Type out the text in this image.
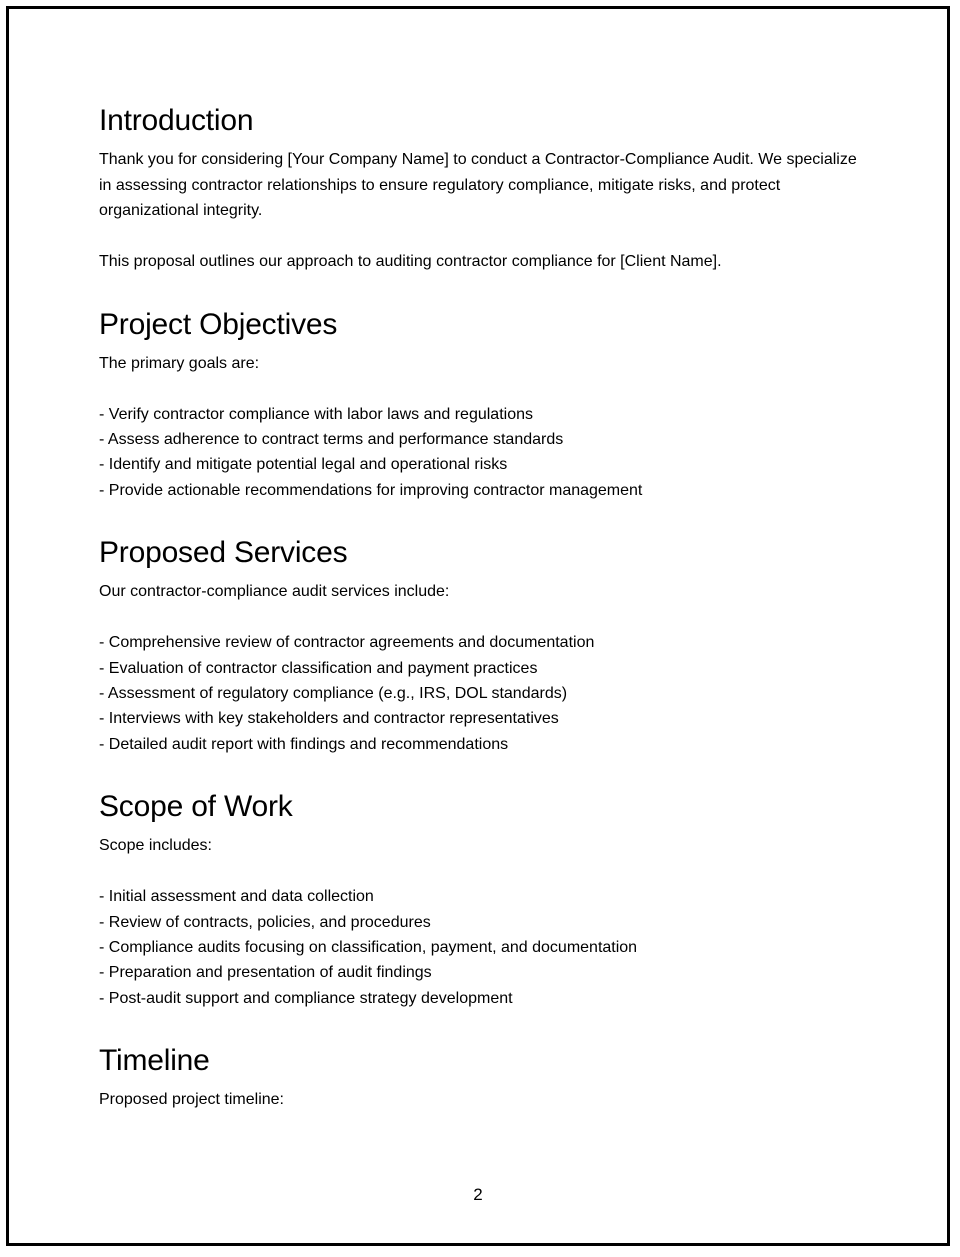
Introduction

Thank you for considering [Your Company Name] to conduct a Contractor-Compliance Audit. We specialize in assessing contractor relationships to ensure regulatory compliance, mitigate risks, and protect organizational integrity.

This proposal outlines our approach to auditing contractor compliance for [Client Name].

Project Objectives

The primary goals are:

- Verify contractor compliance with labor laws and regulations
- Assess adherence to contract terms and performance standards
- Identify and mitigate potential legal and operational risks
- Provide actionable recommendations for improving contractor management
Proposed Services

Our contractor-compliance audit services include:

- Comprehensive review of contractor agreements and documentation
- Evaluation of contractor classification and payment practices
- Assessment of regulatory compliance (e.g., IRS, DOL standards)
- Interviews with key stakeholders and contractor representatives
- Detailed audit report with findings and recommendations
Scope of Work

Scope includes:

- Initial assessment and data collection
- Review of contracts, policies, and procedures
- Compliance audits focusing on classification, payment, and documentation
- Preparation and presentation of audit findings
- Post-audit support and compliance strategy development
Timeline

Proposed project timeline:

2
